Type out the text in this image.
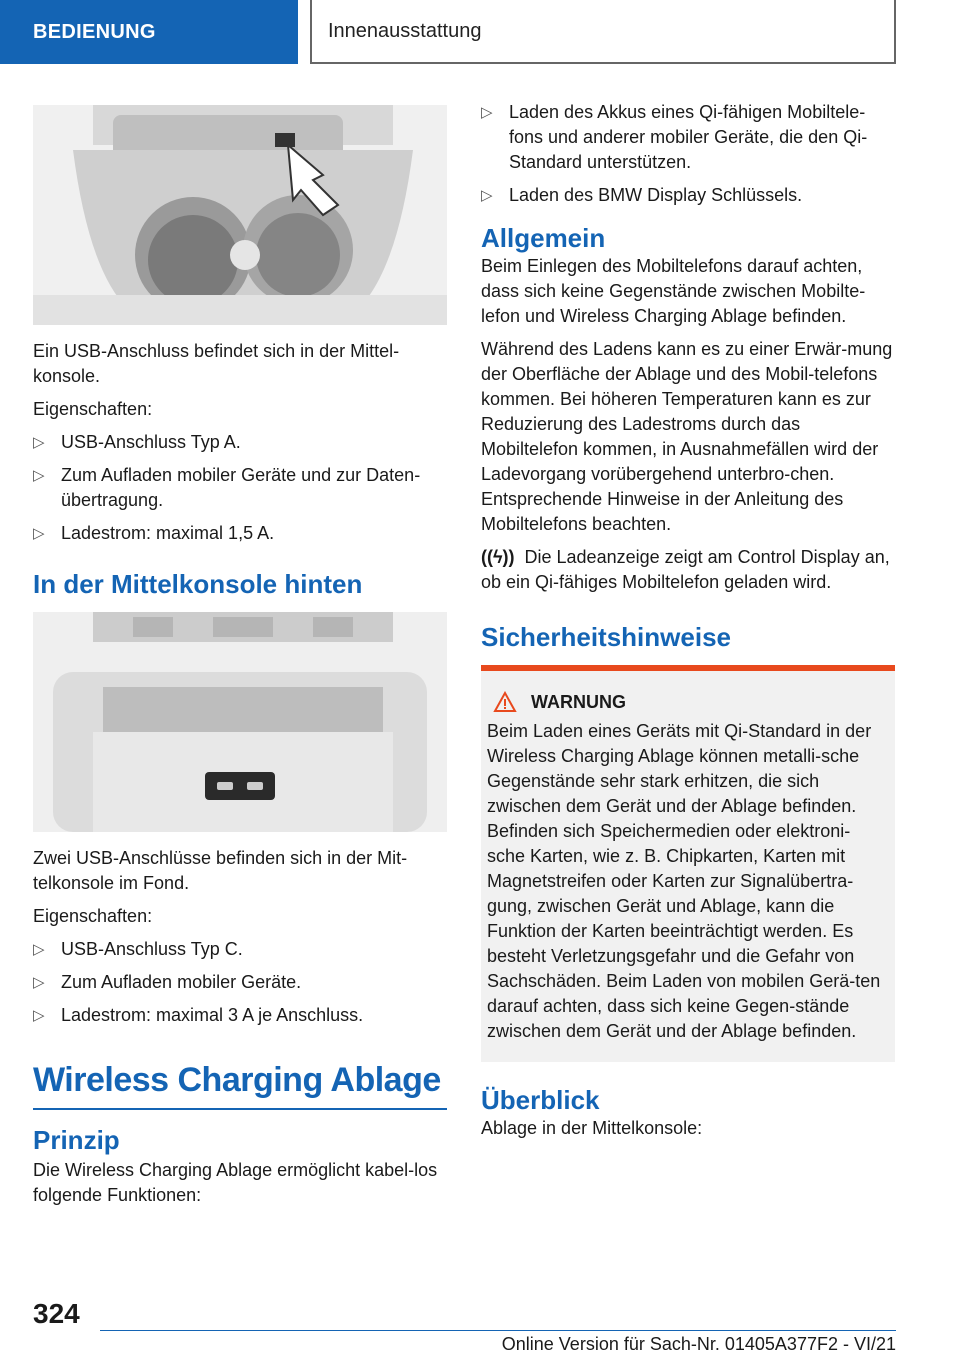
BEDIENUNG	Innenausstattung

Ein USB-Anschluss befindet sich in der Mittel-konsole.

Eigenschaften:

▷ USB-Anschluss Typ A.
▷ Zum Aufladen mobiler Geräte und zur Daten-übertragung.
▷ Ladestrom: maximal 1,5 A.
In der Mittelkonsole hinten

Zwei USB-Anschlüsse befinden sich in der Mit-telkonsole im Fond.

Eigenschaften:

▷ USB-Anschluss Typ C.
▷ Zum Aufladen mobiler Geräte.
▷ Ladestrom: maximal 3 A je Anschluss.
Wireless Charging Ablage
Prinzip

Die Wireless Charging Ablage ermöglicht kabel-los folgende Funktionen:

▷ Laden des Akkus eines Qi-fähigen Mobiltele-fons und anderer mobiler Geräte, die den Qi-Standard unterstützen.
▷ Laden des BMW Display Schlüssels.
Allgemein

Beim Einlegen des Mobiltelefons darauf achten, dass sich keine Gegenstände zwischen Mobilte-lefon und Wireless Charging Ablage befinden.

Während des Ladens kann es zu einer Erwär-mung der Oberfläche der Ablage und des Mobil-telefons kommen. Bei höheren Temperaturen kann es zur Reduzierung des Ladestroms durch das Mobiltelefon kommen, in Ausnahmefällen wird der Ladevorgang vorübergehend unterbro-chen. Entsprechende Hinweise in der Anleitung des Mobiltelefons beachten.

((ϟ)) Die Ladeanzeige zeigt am Control Display an, ob ein Qi-fähiges Mobiltelefon geladen wird.

Sicherheitshinweise
WARNUNG

Beim Laden eines Geräts mit Qi-Standard in der Wireless Charging Ablage können metalli-sche Gegenstände sehr stark erhitzen, die sich zwischen dem Gerät und der Ablage befinden. Befinden sich Speichermedien oder elektroni-sche Karten, wie z. B. Chipkarten, Karten mit Magnetstreifen oder Karten zur Signalübertra-gung, zwischen Gerät und Ablage, kann die Funktion der Karten beeinträchtigt werden. Es besteht Verletzungsgefahr und die Gefahr von Sachschäden. Beim Laden von mobilen Gerä-ten darauf achten, dass sich keine Gegen-stände zwischen dem Gerät und der Ablage befinden.

Überblick

Ablage in der Mittelkonsole:

324
Online Version für Sach-Nr. 01405A377F2 - VI/21
